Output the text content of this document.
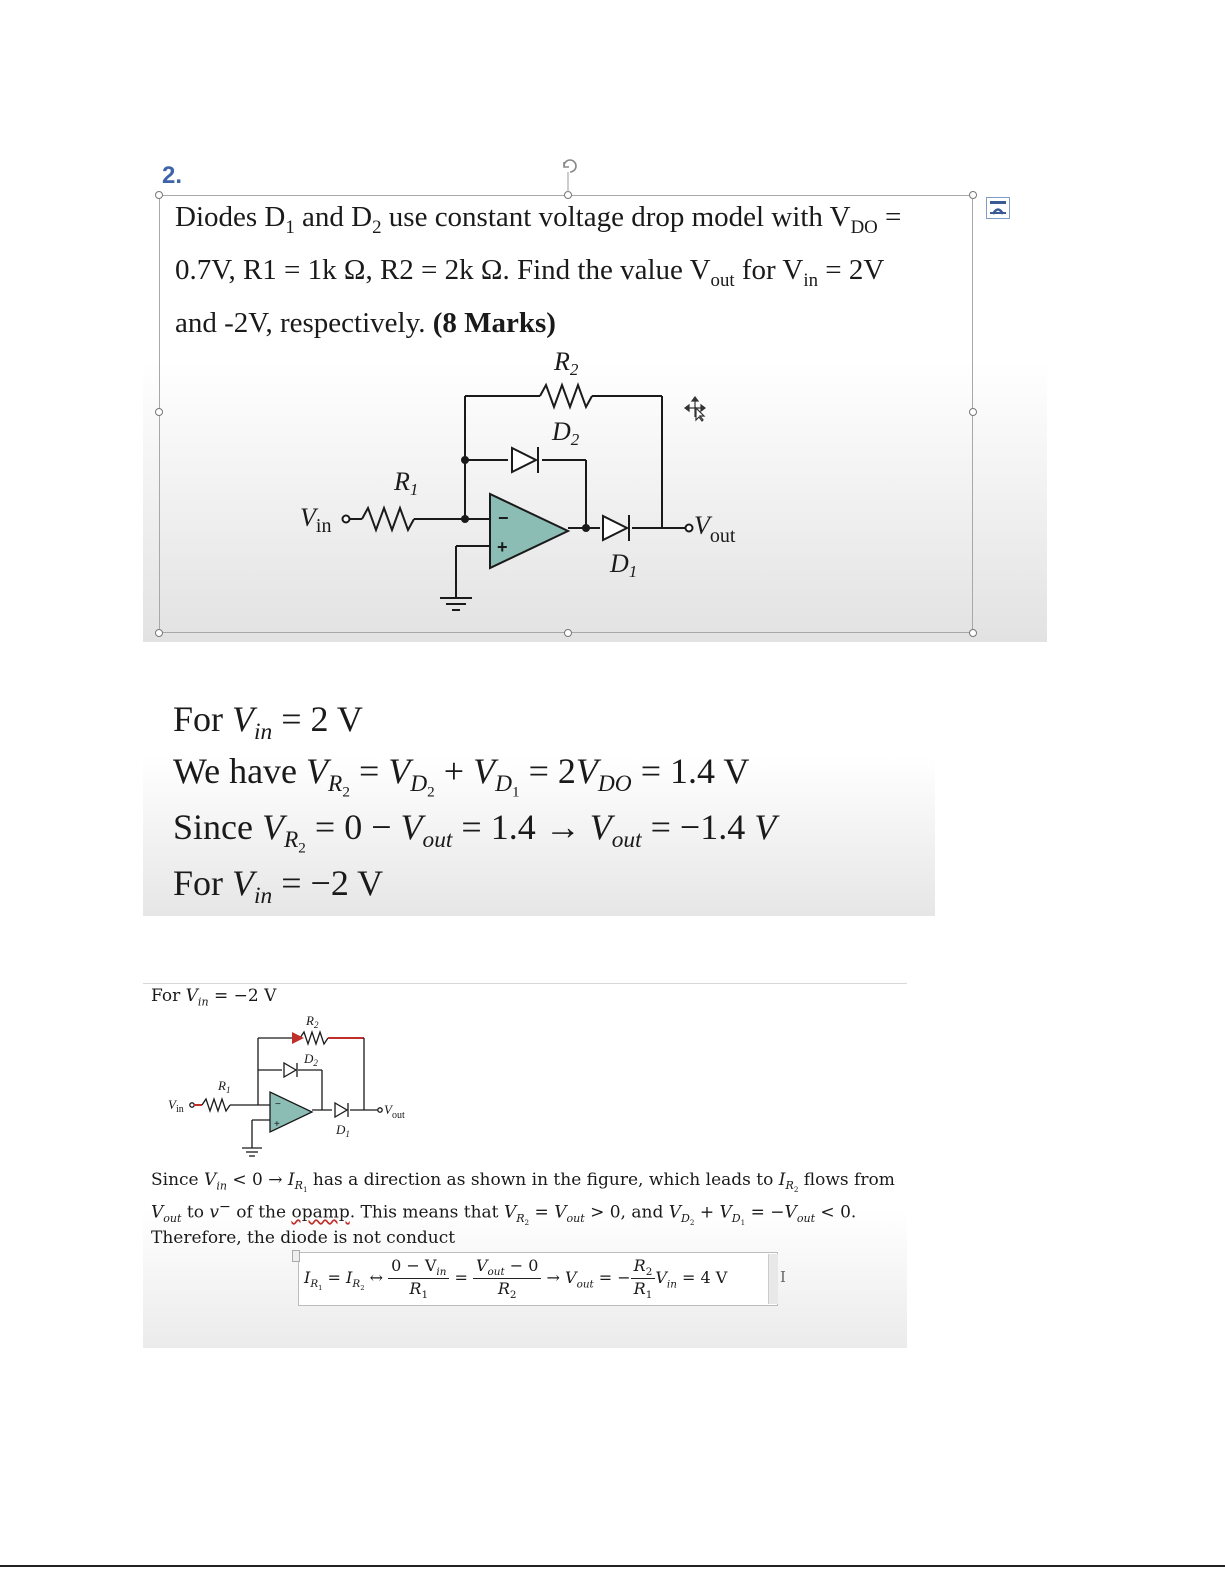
2.
Diodes $D_1$ and $D_2$ use constant voltage drop model with $V_{DO}$ =
0.7V, R1 = 1k Ω, R2 = 2k Ω. Find the value $V_{out}$ for $V_{in} = 2V$
and -2V, respectively. (8 Marks)
R2
D2
R1
D1
$V_{in}$	$V_{out}$
−
+
For $V_{in} = 2$ V
We have $V_{R_2} = V_{D_2} + V_{D_1} = 2V_{DO} = 1.4$ V
Since $V_{R_2} = 0 - V_{out} = 1.4 \to V_{out} = -1.4$ V
For $V_{in} = -2$ V
For $V_{in} = -2$ V
$R_2$
$D_2$
$R_1$
$D_1$
$V_{in}$	$V_{out}$
−
+
Since $V_{in} < 0 \to I_{R_1}$ has a direction as shown in the figure, which leads to $I_{R_2}$ flows from
$V_{out}$ to v− of the opamp. This means that $V_{R_2} = V_{out} > 0$, and $V_{D_2} + V_{D_1} = -V_{out} < 0$.
Therefore, the diode is not conduct
$I_{R_1} = I_{R_2}$ ↔ $\frac{0 - V_{in}}{R_1} = \frac{V_{out} - 0}{R_2} \to V_{out}$ = − $\frac{R_2}{R_1} V_{in} = 4$ V	I
